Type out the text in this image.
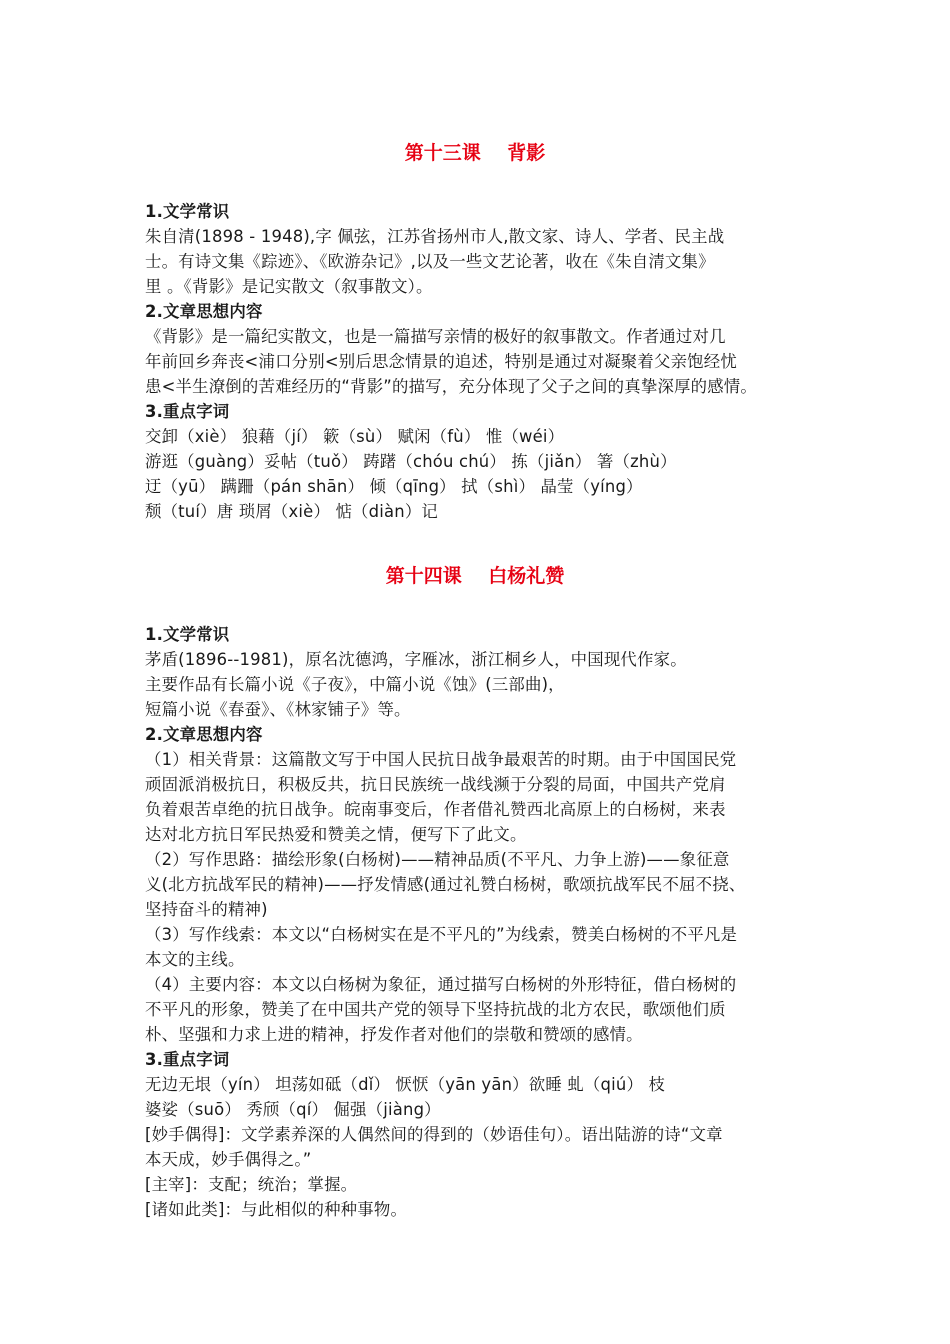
第十三课    背影
1.文学常识
朱自清(1898 - 1948),字 佩弦，江苏省扬州市人,散文家、诗人、学者、民主战
士。有诗文集《踪迹》、《欧游杂记》,以及一些文艺论著，收在《朱自清文集》
里 。《背影》是记实散文（叙事散文）。
2.文章思想内容
《背影》是一篇纪实散文，也是一篇描写亲情的极好的叙事散文。作者通过对几
年前回乡奔丧<浦口分别<别后思念情景的追述，特别是通过对凝聚着父亲饱经忧
患<半生潦倒的苦难经历的“背影”的描写，充分体现了父子之间的真挚深厚的感情。
3.重点字词
交卸（xiè） 狼藉（jí） 簌（sù） 赋闲（fù） 惟（wéi）
游逛（guàng）妥帖（tuǒ） 踌躇（chóu chú） 拣（jiǎn） 箸（zhù）
迂（yū） 蹒跚（pán shān） 倾（qīng） 拭（shì） 晶莹（yíng）
颓（tuí）唐 琐屑（xiè） 惦（diàn）记
第十四课    白杨礼赞
1.文学常识
茅盾(1896--1981)，原名沈德鸿，字雁冰，浙江桐乡人，中国现代作家。
主要作品有长篇小说《子夜》，中篇小说《蚀》(三部曲)，
短篇小说《春蚕》、《林家铺子》等。
2.文章思想内容
（1）相关背景：这篇散文写于中国人民抗日战争最艰苦的时期。由于中国国民党
顽固派消极抗日，积极反共，抗日民族统一战线濒于分裂的局面，中国共产党肩
负着艰苦卓绝的抗日战争。皖南事变后，作者借礼赞西北高原上的白杨树，来表
达对北方抗日军民热爱和赞美之情，便写下了此文。
（2）写作思路：描绘形象(白杨树)——精神品质(不平凡、力争上游)——象征意
义(北方抗战军民的精神)——抒发情感(通过礼赞白杨树，歌颂抗战军民不屈不挠、
坚持奋斗的精神)
（3）写作线索：本文以“白杨树实在是不平凡的”为线索，赞美白杨树的不平凡是
本文的主线。
（4）主要内容：本文以白杨树为象征，通过描写白杨树的外形特征，借白杨树的
不平凡的形象，赞美了在中国共产党的领导下坚持抗战的北方农民，歌颂他们质
朴、坚强和力求上进的精神，抒发作者对他们的崇敬和赞颂的感情。
3.重点字词
无边无垠（yín） 坦荡如砥（dǐ） 恹恹（yān yān）欲睡 虬（qiú） 枝
婆娑（suō） 秀颀（qí） 倔强（jiàng）
[妙手偶得]：文学素养深的人偶然间的得到的（妙语佳句）。语出陆游的诗“文章
本天成，妙手偶得之。”
[主宰]：支配；统治；掌握。
[诸如此类]：与此相似的种种事物。
